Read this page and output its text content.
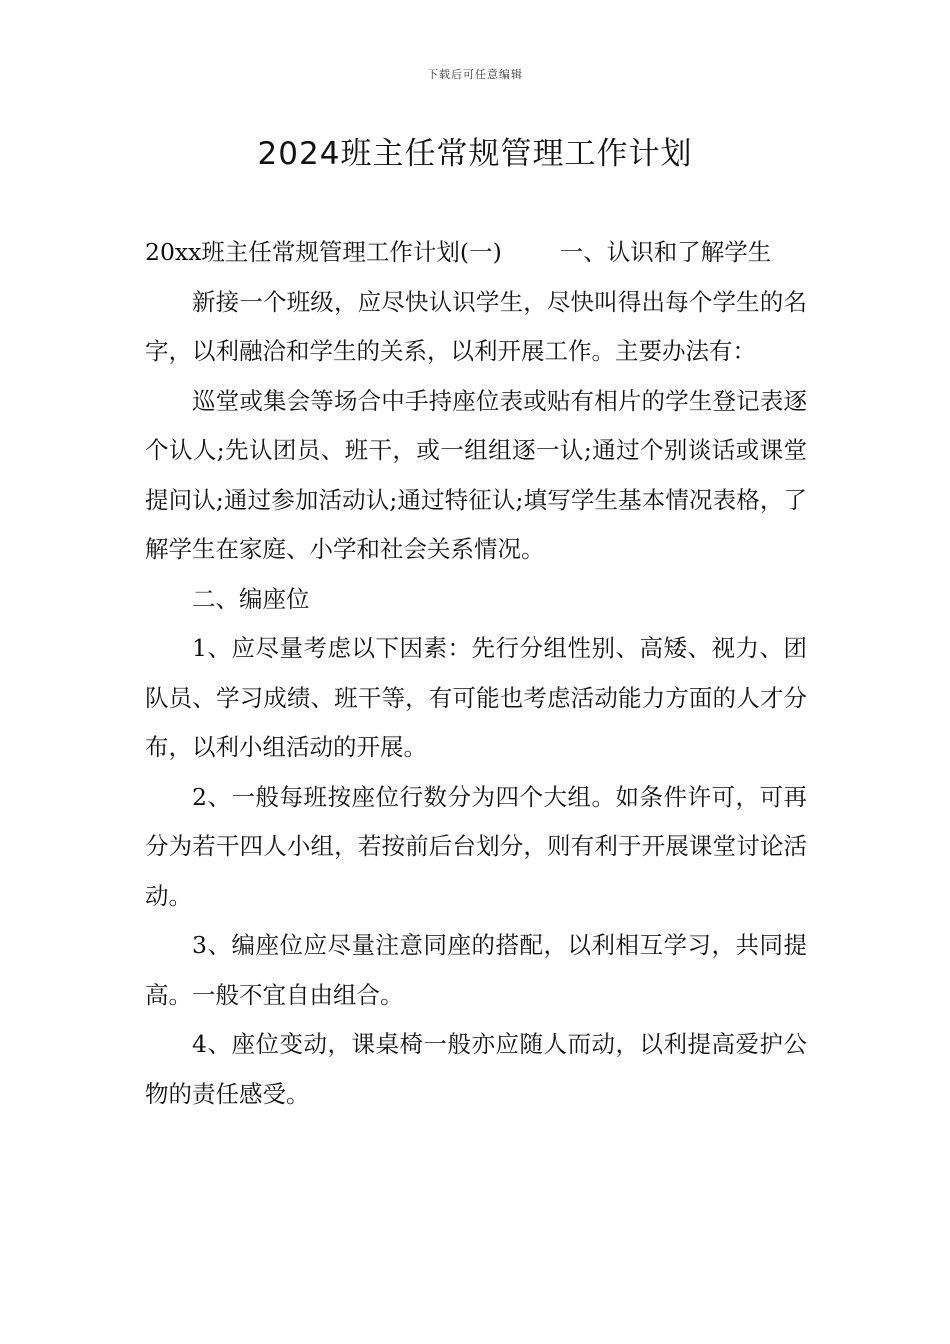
下载后可任意编辑
2024班主任常规管理工作计划

20xx班主任常规管理工作计划(一) 一、认识和了解学生

新接一个班级，应尽快认识学生，尽快叫得出每个学生的名字，以利融洽和学生的关系，以利开展工作。主要办法有：

巡堂或集会等场合中手持座位表或贴有相片的学生登记表逐个认人;先认团员、班干，或一组组逐一认;通过个别谈话或课堂提问认;通过参加活动认;通过特征认;填写学生基本情况表格，了解学生在家庭、小学和社会关系情况。

二、编座位

1、应尽量考虑以下因素：先行分组性别、高矮、视力、团队员、学习成绩、班干等，有可能也考虑活动能力方面的人才分布，以利小组活动的开展。

2、一般每班按座位行数分为四个大组。如条件许可，可再分为若干四人小组，若按前后台划分，则有利于开展课堂讨论活动。

3、编座位应尽量注意同座的搭配，以利相互学习，共同提高。一般不宜自由组合。

4、座位变动，课桌椅一般亦应随人而动，以利提高爱护公物的责任感受。
